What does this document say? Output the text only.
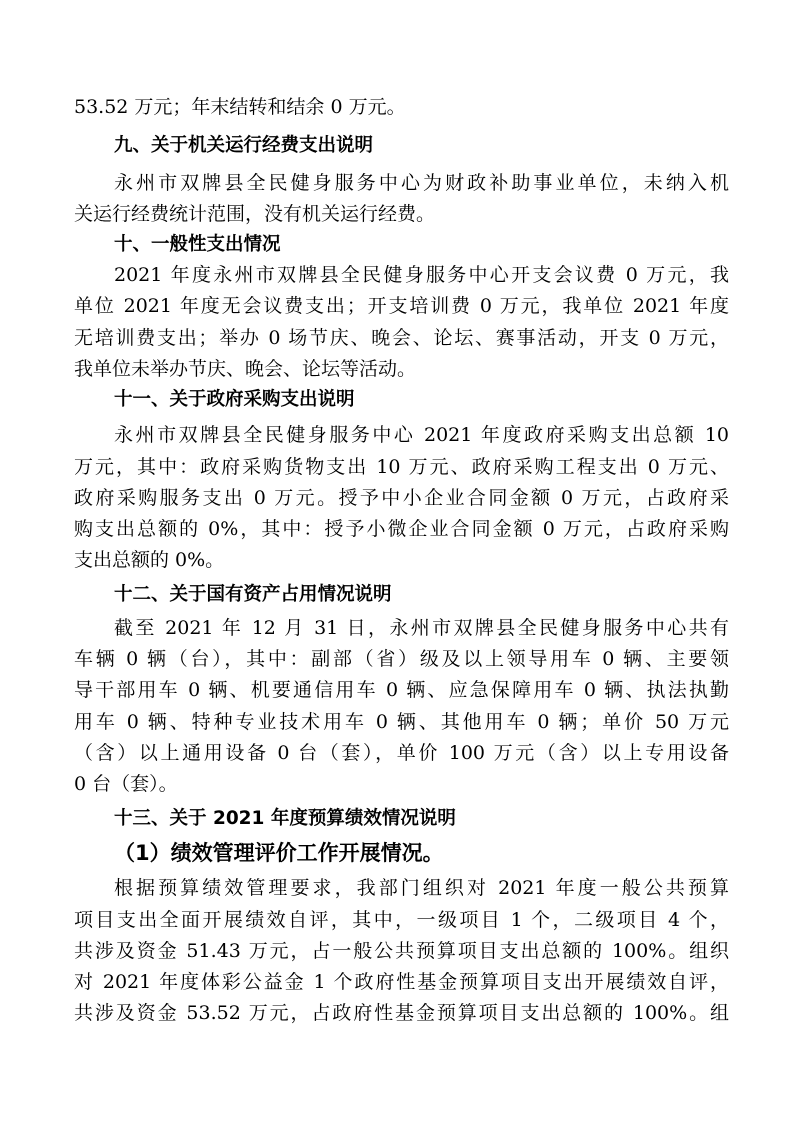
53.52 万元；年末结转和结余 0 万元。
九、关于机关运行经费支出说明
永州市双牌县全民健身服务中心为财政补助事业单位，未纳入机
关运行经费统计范围，没有机关运行经费。
十、一般性支出情况
2021 年度永州市双牌县全民健身服务中心开支会议费 0 万元，我
单位 2021 年度无会议费支出；开支培训费 0 万元，我单位 2021 年度
无培训费支出；举办 0 场节庆、晚会、论坛、赛事活动，开支 0 万元，
我单位未举办节庆、晚会、论坛等活动。
十一、关于政府采购支出说明
永州市双牌县全民健身服务中心 2021 年度政府采购支出总额 10
万元，其中：政府采购货物支出 10 万元、政府采购工程支出 0 万元、
政府采购服务支出 0 万元。授予中小企业合同金额 0 万元，占政府采
购支出总额的 0%，其中：授予小微企业合同金额 0 万元，占政府采购
支出总额的 0%。
十二、关于国有资产占用情况说明
截至 2021 年 12 月 31 日，永州市双牌县全民健身服务中心共有
车辆 0 辆（台），其中：副部（省）级及以上领导用车 0 辆、主要领
导干部用车 0 辆、机要通信用车 0 辆、应急保障用车 0 辆、执法执勤
用车 0 辆、特种专业技术用车 0 辆、其他用车 0 辆；单价 50 万元
（含）以上通用设备 0 台（套），单价 100 万元（含）以上专用设备
0 台（套）。
十三、关于 2021 年度预算绩效情况说明
（1）绩效管理评价工作开展情况。
根据预算绩效管理要求，我部门组织对 2021 年度一般公共预算
项目支出全面开展绩效自评，其中，一级项目 1 个，二级项目 4 个，
共涉及资金 51.43 万元，占一般公共预算项目支出总额的 100%。组织
对 2021 年度体彩公益金 1 个政府性基金预算项目支出开展绩效自评，
共涉及资金 53.52 万元，占政府性基金预算项目支出总额的 100%。组
